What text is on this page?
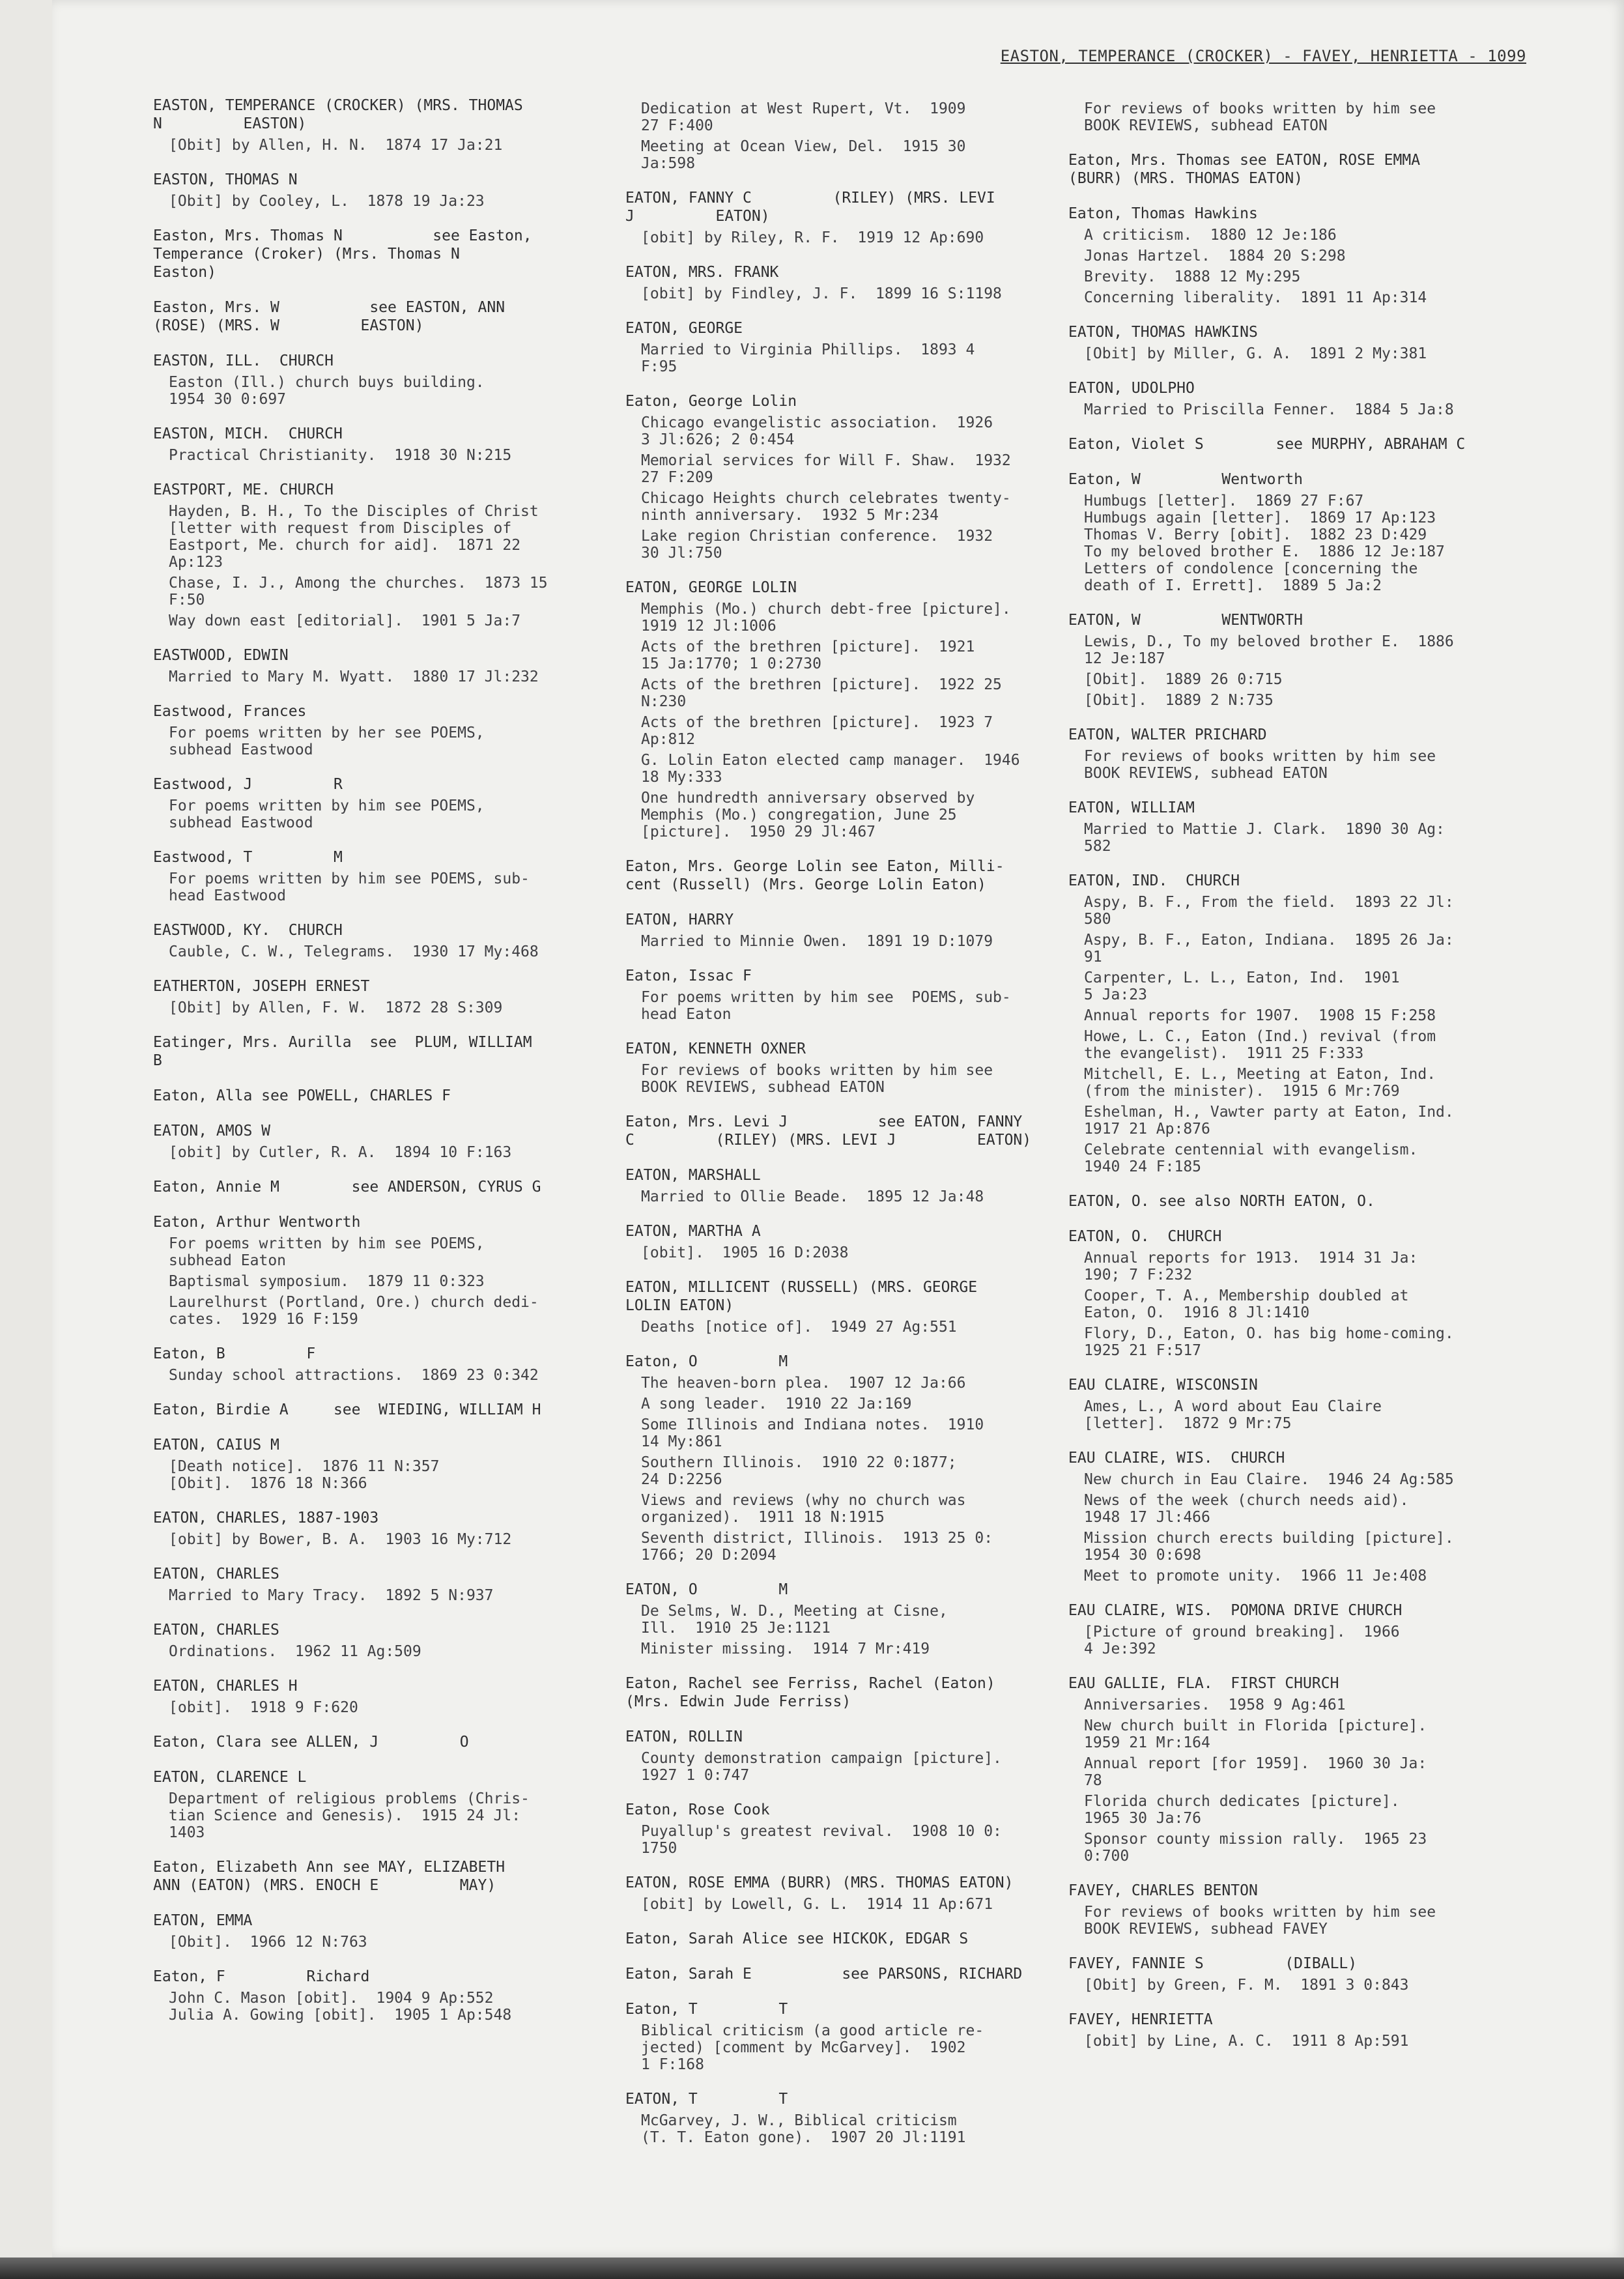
EASTON, TEMPERANCE (CROCKER) - FAVEY, HENRIETTA - 1099
EASTON, TEMPERANCE (CROCKER) (MRS. THOMAS
N         EASTON)
[Obit] by Allen, H. N.  1874 17 Ja:21
EASTON, THOMAS N
[Obit] by Cooley, L.  1878 19 Ja:23
Easton, Mrs. Thomas N          see Easton,
Temperance (Croker) (Mrs. Thomas N
Easton)
Easton, Mrs. W          see EASTON, ANN
(ROSE) (MRS. W         EASTON)
EASTON, ILL.  CHURCH
Easton (Ill.) church buys building.
1954 30 0:697
EASTON, MICH.  CHURCH
Practical Christianity.  1918 30 N:215
EASTPORT, ME. CHURCH
Hayden, B. H., To the Disciples of Christ
[letter with request from Disciples of
Eastport, Me. church for aid].  1871 22
Ap:123
Chase, I. J., Among the churches.  1873 15
F:50
Way down east [editorial].  1901 5 Ja:7
EASTWOOD, EDWIN
Married to Mary M. Wyatt.  1880 17 Jl:232
Eastwood, Frances
For poems written by her see POEMS,
subhead Eastwood
Eastwood, J         R
For poems written by him see POEMS,
subhead Eastwood
Eastwood, T         M
For poems written by him see POEMS, sub-
head Eastwood
EASTWOOD, KY.  CHURCH
Cauble, C. W., Telegrams.  1930 17 My:468
EATHERTON, JOSEPH ERNEST
[Obit] by Allen, F. W.  1872 28 S:309
Eatinger, Mrs. Aurilla  see  PLUM, WILLIAM
B
Eaton, Alla see POWELL, CHARLES F
EATON, AMOS W
[obit] by Cutler, R. A.  1894 10 F:163
Eaton, Annie M        see ANDERSON, CYRUS G
Eaton, Arthur Wentworth
For poems written by him see POEMS,
subhead Eaton
Baptismal symposium.  1879 11 0:323
Laurelhurst (Portland, Ore.) church dedi-
cates.  1929 16 F:159
Eaton, B         F
Sunday school attractions.  1869 23 0:342
Eaton, Birdie A     see  WIEDING, WILLIAM H
EATON, CAIUS M
[Death notice].  1876 11 N:357
[Obit].  1876 18 N:366
EATON, CHARLES, 1887-1903
[obit] by Bower, B. A.  1903 16 My:712
EATON, CHARLES
Married to Mary Tracy.  1892 5 N:937
EATON, CHARLES
Ordinations.  1962 11 Ag:509
EATON, CHARLES H
[obit].  1918 9 F:620
Eaton, Clara see ALLEN, J         O
EATON, CLARENCE L
Department of religious problems (Chris-
tian Science and Genesis).  1915 24 Jl:
1403
Eaton, Elizabeth Ann see MAY, ELIZABETH
ANN (EATON) (MRS. ENOCH E         MAY)
EATON, EMMA
[Obit].  1966 12 N:763
Eaton, F         Richard
John C. Mason [obit].  1904 9 Ap:552
Julia A. Gowing [obit].  1905 1 Ap:548
Dedication at West Rupert, Vt.  1909
27 F:400
Meeting at Ocean View, Del.  1915 30
Ja:598
EATON, FANNY C         (RILEY) (MRS. LEVI
J         EATON)
[obit] by Riley, R. F.  1919 12 Ap:690
EATON, MRS. FRANK
[obit] by Findley, J. F.  1899 16 S:1198
EATON, GEORGE
Married to Virginia Phillips.  1893 4
F:95
Eaton, George Lolin
Chicago evangelistic association.  1926
3 Jl:626; 2 0:454
Memorial services for Will F. Shaw.  1932
27 F:209
Chicago Heights church celebrates twenty-
ninth anniversary.  1932 5 Mr:234
Lake region Christian conference.  1932
30 Jl:750
EATON, GEORGE LOLIN
Memphis (Mo.) church debt-free [picture].
1919 12 Jl:1006
Acts of the brethren [picture].  1921
15 Ja:1770; 1 0:2730
Acts of the brethren [picture].  1922 25
N:230
Acts of the brethren [picture].  1923 7
Ap:812
G. Lolin Eaton elected camp manager.  1946
18 My:333
One hundredth anniversary observed by
Memphis (Mo.) congregation, June 25
[picture].  1950 29 Jl:467
Eaton, Mrs. George Lolin see Eaton, Milli-
cent (Russell) (Mrs. George Lolin Eaton)
EATON, HARRY
Married to Minnie Owen.  1891 19 D:1079
Eaton, Issac F
For poems written by him see  POEMS, sub-
head Eaton
EATON, KENNETH OXNER
For reviews of books written by him see
BOOK REVIEWS, subhead EATON
Eaton, Mrs. Levi J          see EATON, FANNY
C         (RILEY) (MRS. LEVI J         EATON)
EATON, MARSHALL
Married to Ollie Beade.  1895 12 Ja:48
EATON, MARTHA A
[obit].  1905 16 D:2038
EATON, MILLICENT (RUSSELL) (MRS. GEORGE
LOLIN EATON)
Deaths [notice of].  1949 27 Ag:551
Eaton, O         M
The heaven-born plea.  1907 12 Ja:66
A song leader.  1910 22 Ja:169
Some Illinois and Indiana notes.  1910
14 My:861
Southern Illinois.  1910 22 0:1877;
24 D:2256
Views and reviews (why no church was
organized).  1911 18 N:1915
Seventh district, Illinois.  1913 25 0:
1766; 20 D:2094
EATON, O         M
De Selms, W. D., Meeting at Cisne,
Ill.  1910 25 Je:1121
Minister missing.  1914 7 Mr:419
Eaton, Rachel see Ferriss, Rachel (Eaton)
(Mrs. Edwin Jude Ferriss)
EATON, ROLLIN
County demonstration campaign [picture].
1927 1 0:747
Eaton, Rose Cook
Puyallup's greatest revival.  1908 10 0:
1750
EATON, ROSE EMMA (BURR) (MRS. THOMAS EATON)
[obit] by Lowell, G. L.  1914 11 Ap:671
Eaton, Sarah Alice see HICKOK, EDGAR S
Eaton, Sarah E          see PARSONS, RICHARD
Eaton, T         T
Biblical criticism (a good article re-
jected) [comment by McGarvey].  1902
1 F:168
EATON, T         T
McGarvey, J. W., Biblical criticism
(T. T. Eaton gone).  1907 20 Jl:1191
For reviews of books written by him see
BOOK REVIEWS, subhead EATON
Eaton, Mrs. Thomas see EATON, ROSE EMMA
(BURR) (MRS. THOMAS EATON)
Eaton, Thomas Hawkins
A criticism.  1880 12 Je:186
Jonas Hartzel.  1884 20 S:298
Brevity.  1888 12 My:295
Concerning liberality.  1891 11 Ap:314
EATON, THOMAS HAWKINS
[Obit] by Miller, G. A.  1891 2 My:381
EATON, UDOLPHO
Married to Priscilla Fenner.  1884 5 Ja:8
Eaton, Violet S        see MURPHY, ABRAHAM C
Eaton, W         Wentworth
Humbugs [letter].  1869 27 F:67
Humbugs again [letter].  1869 17 Ap:123
Thomas V. Berry [obit].  1882 23 D:429
To my beloved brother E.  1886 12 Je:187
Letters of condolence [concerning the
death of I. Errett].  1889 5 Ja:2
EATON, W         WENTWORTH
Lewis, D., To my beloved brother E.  1886
12 Je:187
[Obit].  1889 26 0:715
[Obit].  1889 2 N:735
EATON, WALTER PRICHARD
For reviews of books written by him see
BOOK REVIEWS, subhead EATON
EATON, WILLIAM
Married to Mattie J. Clark.  1890 30 Ag:
582
EATON, IND.  CHURCH
Aspy, B. F., From the field.  1893 22 Jl:
580
Aspy, B. F., Eaton, Indiana.  1895 26 Ja:
91
Carpenter, L. L., Eaton, Ind.  1901
5 Ja:23
Annual reports for 1907.  1908 15 F:258
Howe, L. C., Eaton (Ind.) revival (from
the evangelist).  1911 25 F:333
Mitchell, E. L., Meeting at Eaton, Ind.
(from the minister).  1915 6 Mr:769
Eshelman, H., Vawter party at Eaton, Ind.
1917 21 Ap:876
Celebrate centennial with evangelism.
1940 24 F:185
EATON, O. see also NORTH EATON, O.
EATON, O.  CHURCH
Annual reports for 1913.  1914 31 Ja:
190; 7 F:232
Cooper, T. A., Membership doubled at
Eaton, O.  1916 8 Jl:1410
Flory, D., Eaton, O. has big home-coming.
1925 21 F:517
EAU CLAIRE, WISCONSIN
Ames, L., A word about Eau Claire
[letter].  1872 9 Mr:75
EAU CLAIRE, WIS.  CHURCH
New church in Eau Claire.  1946 24 Ag:585
News of the week (church needs aid).
1948 17 Jl:466
Mission church erects building [picture].
1954 30 0:698
Meet to promote unity.  1966 11 Je:408
EAU CLAIRE, WIS.  POMONA DRIVE CHURCH
[Picture of ground breaking].  1966
4 Je:392
EAU GALLIE, FLA.  FIRST CHURCH
Anniversaries.  1958 9 Ag:461
New church built in Florida [picture].
1959 21 Mr:164
Annual report [for 1959].  1960 30 Ja:
78
Florida church dedicates [picture].
1965 30 Ja:76
Sponsor county mission rally.  1965 23
0:700
FAVEY, CHARLES BENTON
For reviews of books written by him see
BOOK REVIEWS, subhead FAVEY
FAVEY, FANNIE S         (DIBALL)
[Obit] by Green, F. M.  1891 3 0:843
FAVEY, HENRIETTA
[obit] by Line, A. C.  1911 8 Ap:591
